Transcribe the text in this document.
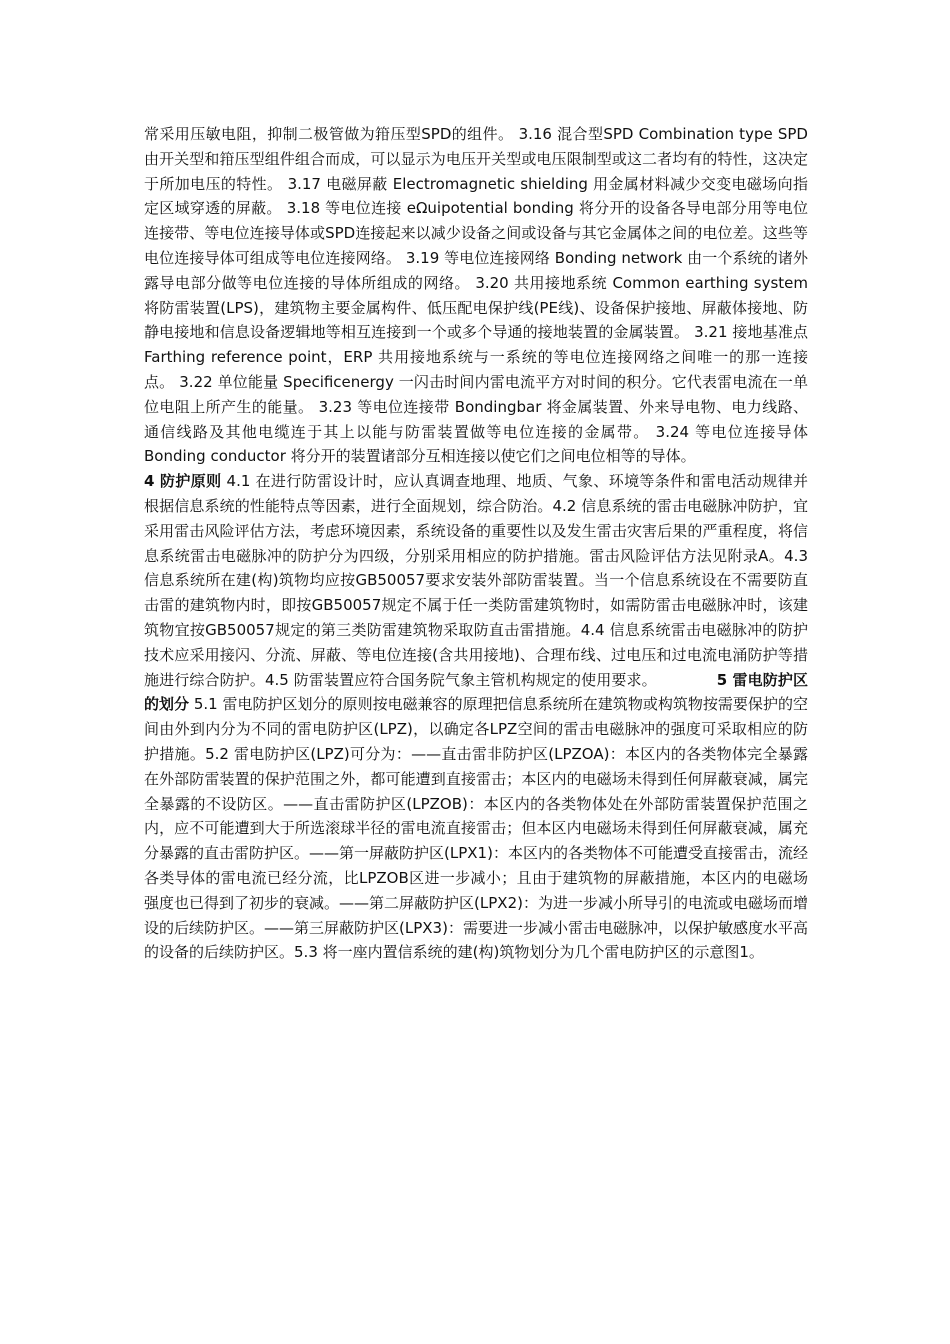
常采用压敏电阻，抑制二极管做为箝压型SPD的组件。 3.16 混合型SPD Combination type SPD 由开关型和箝压型组件组合而成，可以显示为电压开关型或电压限制型或这二者均有的特性，这决定于所加电压的特性。 3.17 电磁屏蔽 Electromagnetic shielding 用金属材料减少交变电磁场向指定区域穿透的屏蔽。 3.18 等电位连接 eΩuipotential bonding 将分开的设备各导电部分用等电位连接带、等电位连接导体或SPD连接起来以减少设备之间或设备与其它金属体之间的电位差。这些等电位连接导体可组成等电位连接网络。 3.19 等电位连接网络 Bonding network 由一个系统的诸外露导电部分做等电位连接的导体所组成的网络。 3.20 共用接地系统 Common earthing system 将防雷装置(LPS)，建筑物主要金属构件、低压配电保护线(PE线)、设备保护接地、屏蔽体接地、防静电接地和信息设备逻辑地等相互连接到一个或多个导通的接地装置的金属装置。 3.21 接地基准点 Farthing reference point，ERP 共用接地系统与一系统的等电位连接网络之间唯一的那一连接点。 3.22 单位能量 Specificenergy 一闪击时间内雷电流平方对时间的积分。它代表雷电流在一单位电阻上所产生的能量。 3.23 等电位连接带 Bondingbar 将金属装置、外来导电物、电力线路、通信线路及其他电缆连于其上以能与防雷装置做等电位连接的金属带。 3.24 等电位连接导体 Bonding conductor 将分开的装置诸部分互相连接以使它们之间电位相等的导体。

4 防护原则 4.1 在进行防雷设计时，应认真调查地理、地质、气象、环境等条件和雷电活动规律并根据信息系统的性能特点等因素，进行全面规划，综合防治。4.2 信息系统的雷击电磁脉冲防护，宜采用雷击风险评估方法，考虑环境因素，系统设备的重要性以及发生雷击灾害后果的严重程度，将信息系统雷击电磁脉冲的防护分为四级，分别采用相应的防护措施。雷击风险评估方法见附录A。4.3 信息系统所在建(构)筑物均应按GB50057要求安装外部防雷装置。当一个信息系统设在不需要防直击雷的建筑物内时，即按GB50057规定不属于任一类防雷建筑物时，如需防雷击电磁脉冲时，该建筑物宜按GB50057规定的第三类防雷建筑物采取防直击雷措施。4.4 信息系统雷击电磁脉冲的防护技术应采用接闪、分流、屏蔽、等电位连接(含共用接地)、合理布线、过电压和过电流电涌防护等措施进行综合防护。4.5 防雷装置应符合国务院气象主管机构规定的使用要求。	5 雷电防护区的划分 5.1 雷电防护区划分的原则按电磁兼容的原理把信息系统所在建筑物或构筑物按需要保护的空间由外到内分为不同的雷电防护区(LPZ)，以确定各LPZ空间的雷击电磁脉冲的强度可采取相应的防护措施。5.2 雷电防护区(LPZ)可分为：——直击雷非防护区(LPZOA)：本区内的各类物体完全暴露在外部防雷装置的保护范围之外，都可能遭到直接雷击；本区内的电磁场未得到任何屏蔽衰减，属完全暴露的不设防区。——直击雷防护区(LPZOB)：本区内的各类物体处在外部防雷装置保护范围之内，应不可能遭到大于所选滚球半径的雷电流直接雷击；但本区内电磁场未得到任何屏蔽衰减，属充分暴露的直击雷防护区。——第一屏蔽防护区(LPX1)：本区内的各类物体不可能遭受直接雷击，流经各类导体的雷电流已经分流，比LPZOB区进一步减小；且由于建筑物的屏蔽措施，本区内的电磁场强度也已得到了初步的衰减。——第二屏蔽防护区(LPX2)：为进一步减小所导引的电流或电磁场而增设的后续防护区。——第三屏蔽防护区(LPX3)：需要进一步减小雷击电磁脉冲，以保护敏感度水平高的设备的后续防护区。5.3 将一座内置信系统的建(构)筑物划分为几个雷电防护区的示意图1。
